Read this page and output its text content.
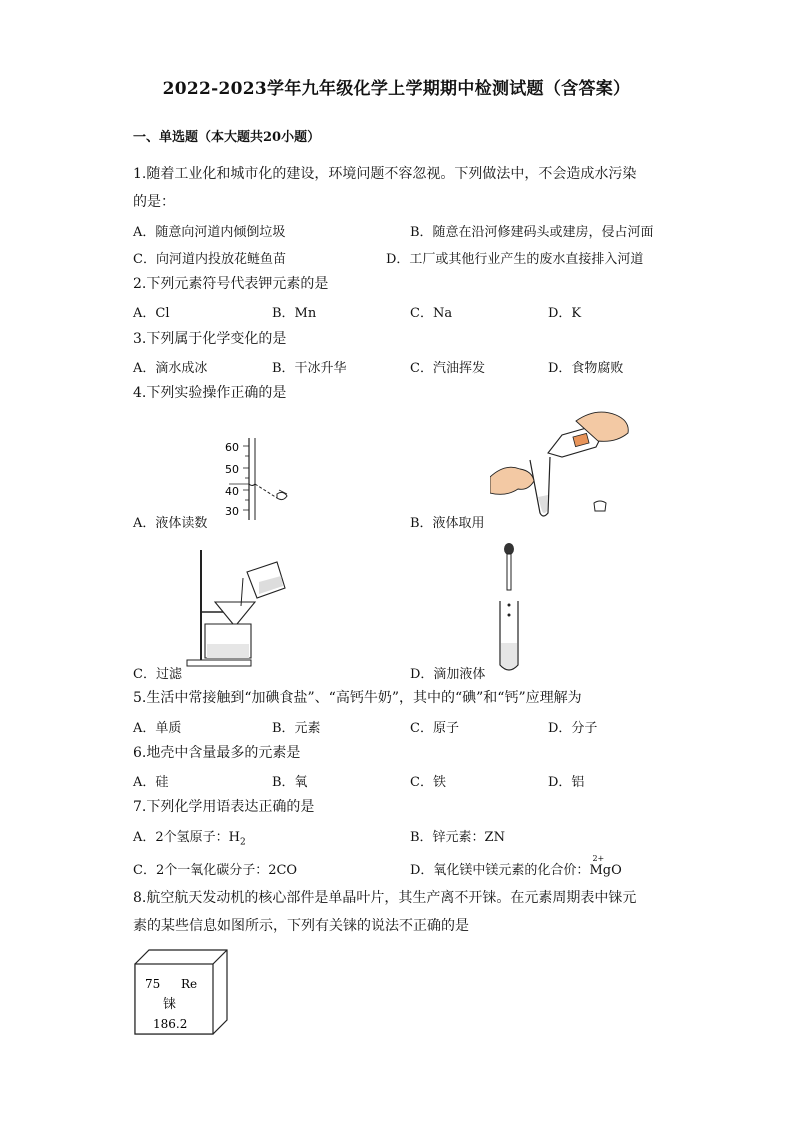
2022-2023学年九年级化学上学期期中检测试题（含答案）
一、单选题（本大题共20小题）
1.随着工业化和城市化的建设，环境问题不容忽视。下列做法中，不会造成水污染
的是：
A．随意向河道内倾倒垃圾	B．随意在沿河修建码头或建房，侵占河面
C．向河道内投放花鲢鱼苗	D．工厂或其他行业产生的废水直接排入河道
2.下列元素符号代表钾元素的是
A．Cl	B．Mn	C．Na	D．K
3.下列属于化学变化的是
A．滴水成冰	B．干冰升华	C．汽油挥发	D．食物腐败
4.下列实验操作正确的是
60
50
40
30
A．液体读数	B．液体取用
C．过滤	D．滴加液体
5.生活中常接触到“加碘食盐”、“高钙牛奶”，其中的“碘”和“钙”应理解为
A．单质	B．元素	C．原子	D．分子
6.地壳中含量最多的元素是
A．硅	B．氧	C．铁	D．铝
7.下列化学用语表达正确的是
A．2个氢原子：$H_2$	B．锌元素：ZN
C．2个一氧化碳分子：2CO	D．氧化镁中镁元素的化合价：
2+
MgO
8.航空航天发动机的核心部件是单晶叶片，其生产离不开铼。在元素周期表中铼元
素的某些信息如图所示，下列有关铼的说法不正确的是
75 Re
铼
186.2
